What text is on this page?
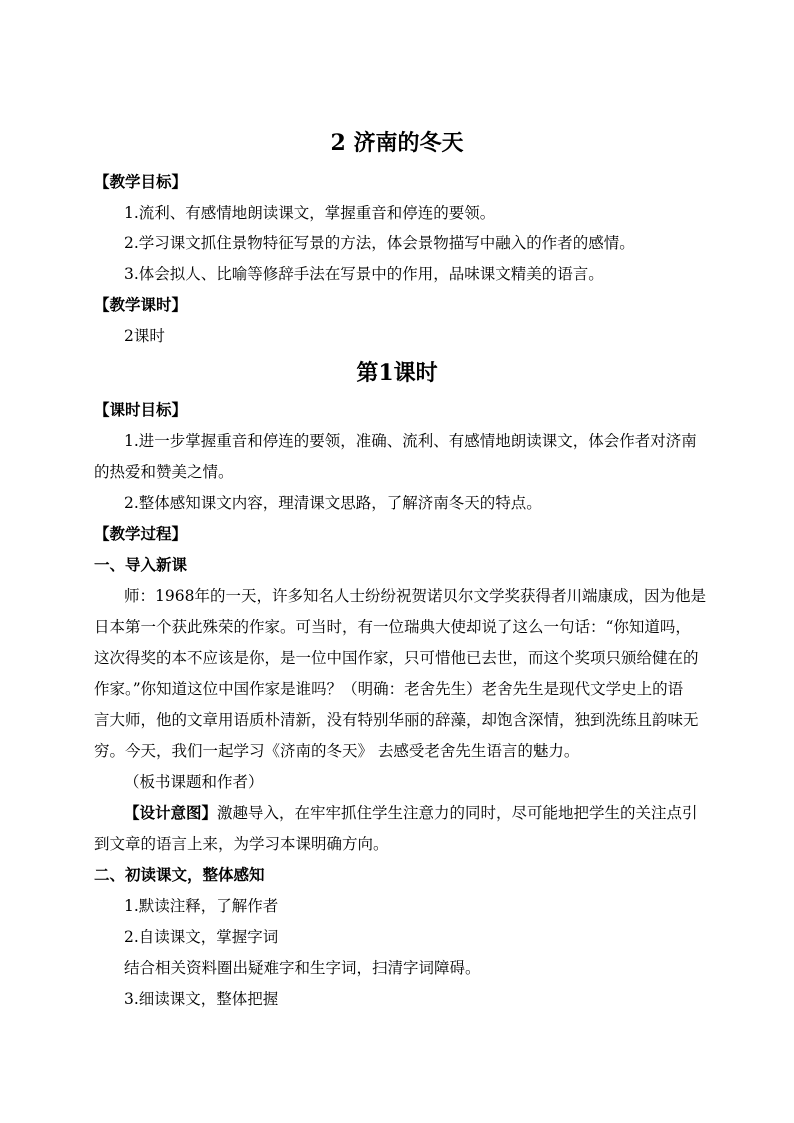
2 济南的冬天
【教学目标】
1.流利、有感情地朗读课文，掌握重音和停连的要领。
2.学习课文抓住景物特征写景的方法，体会景物描写中融入的作者的感情。
3.体会拟人、比喻等修辞手法在写景中的作用，品味课文精美的语言。
【教学课时】
2课时
第1课时
【课时目标】
1.进一步掌握重音和停连的要领，准确、流利、有感情地朗读课文，体会作者对济南
的热爱和赞美之情。
2.整体感知课文内容，理清课文思路，了解济南冬天的特点。
【教学过程】
一、导入新课
师：1968年的一天，许多知名人士纷纷祝贺诺贝尔文学奖获得者川端康成，因为他是
日本第一个获此殊荣的作家。可当时，有一位瑞典大使却说了这么一句话：“你知道吗，
这次得奖的本不应该是你，是一位中国作家，只可惜他已去世，而这个奖项只颁给健在的
作家。”你知道这位中国作家是谁吗？（明确：老舍先生）老舍先生是现代文学史上的语
言大师，他的文章用语质朴清新，没有特别华丽的辞藻，却饱含深情，独到洗练且韵味无
穷。今天，我们一起学习《济南的冬天》 去感受老舍先生语言的魅力。
（板书课题和作者）
【设计意图】激趣导入，在牢牢抓住学生注意力的同时，尽可能地把学生的关注点引
到文章的语言上来，为学习本课明确方向。
二、初读课文，整体感知
1.默读注释，了解作者
2.自读课文，掌握字词
结合相关资料圈出疑难字和生字词，扫清字词障碍。
3.细读课文，整体把握
